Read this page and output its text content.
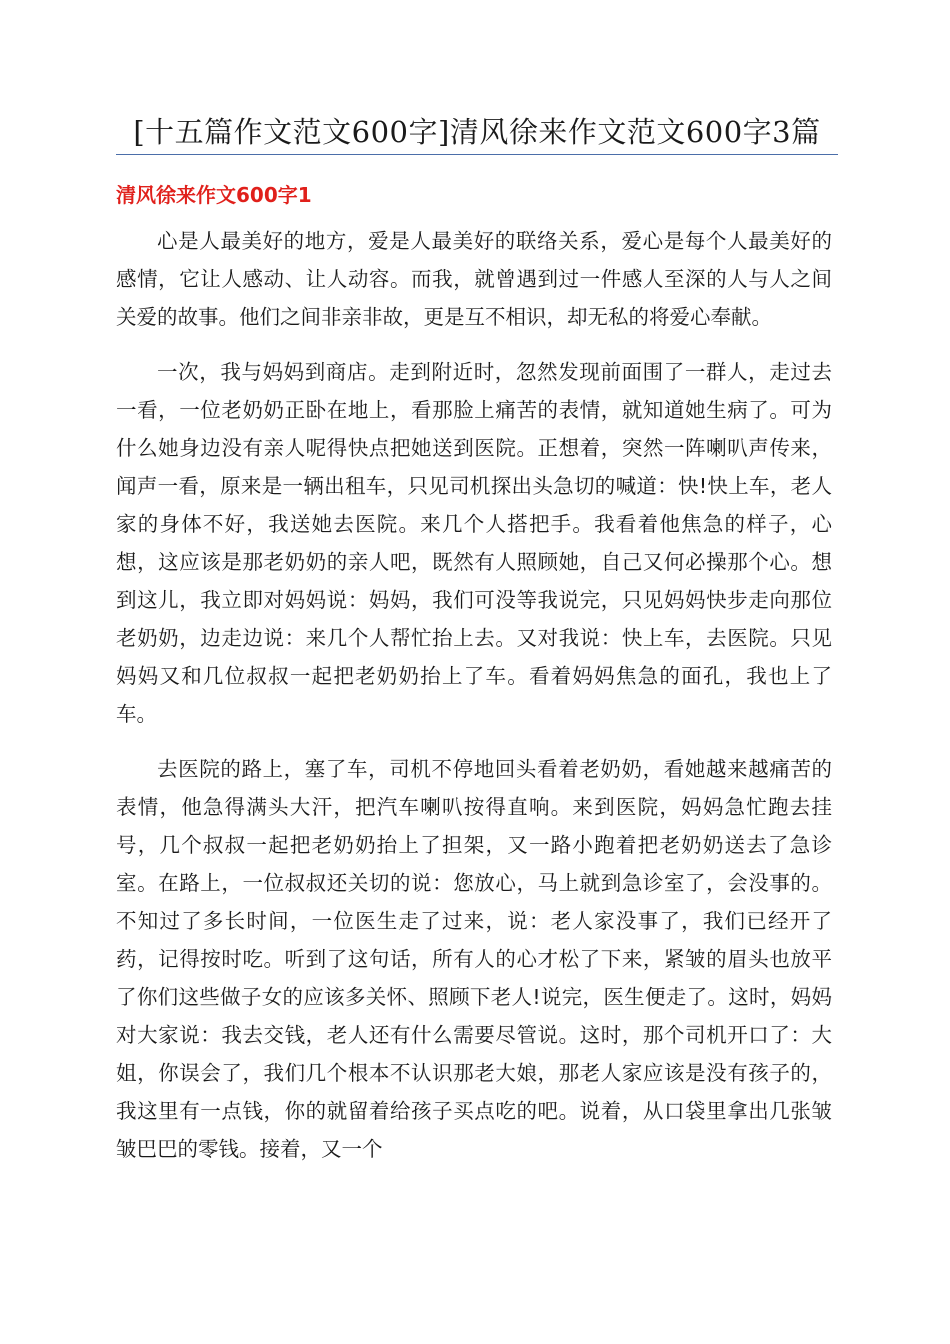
[十五篇作文范文600字]清风徐来作文范文600字3篇
清风徐来作文600字1

心是人最美好的地方，爱是人最美好的联络关系，爱心是每个人最美好的感情，它让人感动、让人动容。而我，就曾遇到过一件感人至深的人与人之间关爱的故事。他们之间非亲非故，更是互不相识，却无私的将爱心奉献。

一次，我与妈妈到商店。走到附近时，忽然发现前面围了一群人，走过去一看，一位老奶奶正卧在地上，看那脸上痛苦的表情，就知道她生病了。可为什么她身边没有亲人呢得快点把她送到医院。正想着，突然一阵喇叭声传来，闻声一看，原来是一辆出租车，只见司机探出头急切的喊道：快!快上车，老人家的身体不好，我送她去医院。来几个人搭把手。我看着他焦急的样子，心想，这应该是那老奶奶的亲人吧，既然有人照顾她，自己又何必操那个心。想到这儿，我立即对妈妈说：妈妈，我们可没等我说完，只见妈妈快步走向那位老奶奶，边走边说：来几个人帮忙抬上去。又对我说：快上车，去医院。只见妈妈又和几位叔叔一起把老奶奶抬上了车。看着妈妈焦急的面孔，我也上了车。

去医院的路上，塞了车，司机不停地回头看着老奶奶，看她越来越痛苦的表情，他急得满头大汗，把汽车喇叭按得直响。来到医院，妈妈急忙跑去挂号，几个叔叔一起把老奶奶抬上了担架，又一路小跑着把老奶奶送去了急诊室。在路上，一位叔叔还关切的说：您放心，马上就到急诊室了，会没事的。不知过了多长时间，一位医生走了过来，说：老人家没事了，我们已经开了药，记得按时吃。听到了这句话，所有人的心才松了下来，紧皱的眉头也放平了你们这些做子女的应该多关怀、照顾下老人!说完，医生便走了。这时，妈妈对大家说：我去交钱，老人还有什么需要尽管说。这时，那个司机开口了：大姐，你误会了，我们几个根本不认识那老大娘，那老人家应该是没有孩子的，我这里有一点钱，你的就留着给孩子买点吃的吧。说着，从口袋里拿出几张皱皱巴巴的零钱。接着，又一个
